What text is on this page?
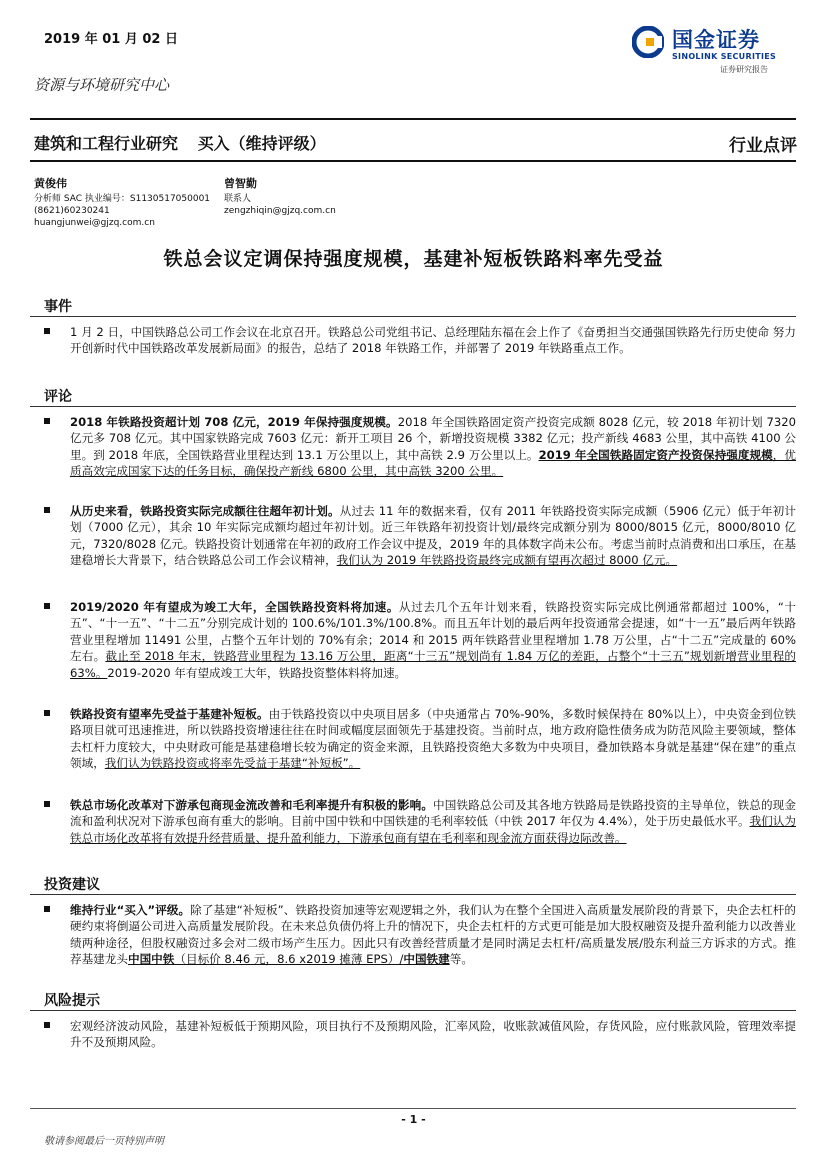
2019 年 01 月 02 日	国金证券
SINOLINK SECURITIES
证券研究报告
资源与环境研究中心
建筑和工程行业研究 买入（维持评级）	行业点评
黄俊伟
分析师 SAC 执业编号：S1130517050001
(8621)60230241
huangjunwei@gjzq.com.cn
曾智勤
联系人
zengzhiqin@gjzq.com.cn
铁总会议定调保持强度规模，基建补短板铁路料率先受益
事件
1 月 2 日，中国铁路总公司工作会议在北京召开。铁路总公司党组书记、总经理陆东福在会上作了《奋勇担当交通强国铁路先行历史使命 努力开创新时代中国铁路改革发展新局面》的报告，总结了 2018 年铁路工作，并部署了 2019 年铁路重点工作。
评论
2018 年铁路投资超计划 708 亿元，2019 年保持强度规模。2018 年全国铁路固定资产投资完成额 8028 亿元，较 2018 年初计划 7320 亿元多 708 亿元。其中国家铁路完成 7603 亿元：新开工项目 26 个，新增投资规模 3382 亿元；投产新线 4683 公里，其中高铁 4100 公里。到 2018 年底，全国铁路营业里程达到 13.1 万公里以上，其中高铁 2.9 万公里以上。2019 年全国铁路固定资产投资保持强度规模，优质高效完成国家下达的任务目标，确保投产新线 6800 公里，其中高铁 3200 公里。
从历史来看，铁路投资实际完成额往往超年初计划。从过去 11 年的数据来看，仅有 2011 年铁路投资实际完成额（5906 亿元）低于年初计划（7000 亿元），其余 10 年实际完成额均超过年初计划。近三年铁路年初投资计划/最终完成额分别为 8000/8015 亿元，8000/8010 亿元，7320/8028 亿元。铁路投资计划通常在年初的政府工作会议中提及，2019 年的具体数字尚未公布。考虑当前时点消费和出口承压，在基建稳增长大背景下，结合铁路总公司工作会议精神，我们认为 2019 年铁路投资最终完成额有望再次超过 8000 亿元。
2019/2020 年有望成为竣工大年，全国铁路投资料将加速。从过去几个五年计划来看，铁路投资实际完成比例通常都超过 100%，“十五”、“十一五”、“十二五”分别完成计划的 100.6%/101.3%/100.8%。而且五年计划的最后两年投资通常会提速，如“十一五”最后两年铁路营业里程增加 11491 公里，占整个五年计划的 70%有余；2014 和 2015 两年铁路营业里程增加 1.78 万公里，占“十二五”完成量的 60%左右。截止至 2018 年末，铁路营业里程为 13.16 万公里，距离“十三五”规划尚有 1.84 万亿的差距，占整个“十三五”规划新增营业里程的 63%。2019-2020 年有望成竣工大年，铁路投资整体料将加速。
铁路投资有望率先受益于基建补短板。由于铁路投资以中央项目居多（中央通常占 70%-90%，多数时候保持在 80%以上），中央资金到位铁路项目就可迅速推进，所以铁路投资增速往往在时间或幅度层面领先于基建投资。当前时点，地方政府隐性债务成为防范风险主要领域，整体去杠杆力度较大，中央财政可能是基建稳增长较为确定的资金来源，且铁路投资绝大多数为中央项目，叠加铁路本身就是基建“保在建”的重点领域，我们认为铁路投资或将率先受益于基建“补短板”。
铁总市场化改革对下游承包商现金流改善和毛利率提升有积极的影响。中国铁路总公司及其各地方铁路局是铁路投资的主导单位，铁总的现金流和盈利状况对下游承包商有重大的影响。目前中国中铁和中国铁建的毛利率较低（中铁 2017 年仅为 4.4%），处于历史最低水平。我们认为铁总市场化改革将有效提升经营质量、提升盈利能力，下游承包商有望在毛利率和现金流方面获得边际改善。
投资建议
维持行业“买入”评级。除了基建“补短板”、铁路投资加速等宏观逻辑之外，我们认为在整个全国进入高质量发展阶段的背景下，央企去杠杆的硬约束将倒逼公司进入高质量发展阶段。在未来总负债仍将上升的情况下，央企去杠杆的方式更可能是加大股权融资及提升盈利能力以改善业绩两种途径，但股权融资过多会对二级市场产生压力。因此只有改善经营质量才是同时满足去杠杆/高质量发展/股东利益三方诉求的方式。推荐基建龙头中国中铁（目标价 8.46 元，8.6 x2019 摊薄 EPS）/中国铁建等。
风险提示
宏观经济波动风险，基建补短板低于预期风险，项目执行不及预期风险，汇率风险，收账款减值风险，存货风险，应付账款风险，管理效率提升不及预期风险。
- 1 -
敬请参阅最后一页特别声明
